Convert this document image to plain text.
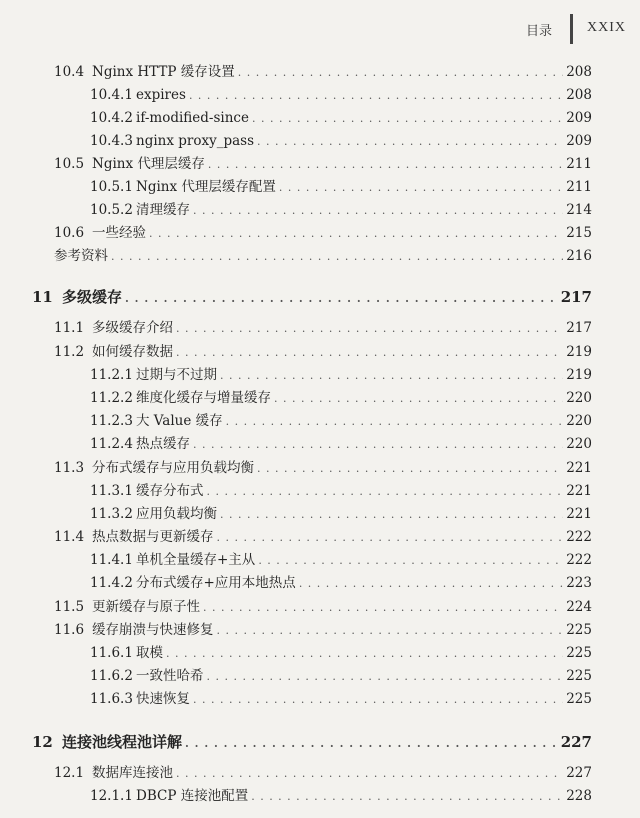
目录	XXIX
10.4 Nginx HTTP 缓存设置 . . .	208
10.4.1 expires . . .	208
10.4.2 if-modified-since . . .	209
10.4.3 nginx proxy_pass . . .	209
10.5 Nginx 代理层缓存 . . .	211
10.5.1 Nginx 代理层缓存配置 . . .	211
10.5.2 清理缓存 . . .	214
10.6 一些经验 . . .	215
参考资料 . . .	216
11 多级缓存 . . .	217
11.1 多级缓存介绍 . . .	217
11.2 如何缓存数据 . . .	219
11.2.1 过期与不过期 . . .	219
11.2.2 维度化缓存与增量缓存 . . .	220
11.2.3 大 Value 缓存 . . .	220
11.2.4 热点缓存 . . .	220
11.3 分布式缓存与应用负载均衡 . . .	221
11.3.1 缓存分布式 . . .	221
11.3.2 应用负载均衡 . . .	221
11.4 热点数据与更新缓存 . . .	222
11.4.1 单机全量缓存+主从 . . .	222
11.4.2 分布式缓存+应用本地热点 . . .	223
11.5 更新缓存与原子性 . . .	224
11.6 缓存崩溃与快速修复 . . .	225
11.6.1 取模 . . .	225
11.6.2 一致性哈希 . . .	225
11.6.3 快速恢复 . . .	225
12 连接池线程池详解 . . .	227
12.1 数据库连接池 . . .	227
12.1.1 DBCP 连接池配置 . . .	228
